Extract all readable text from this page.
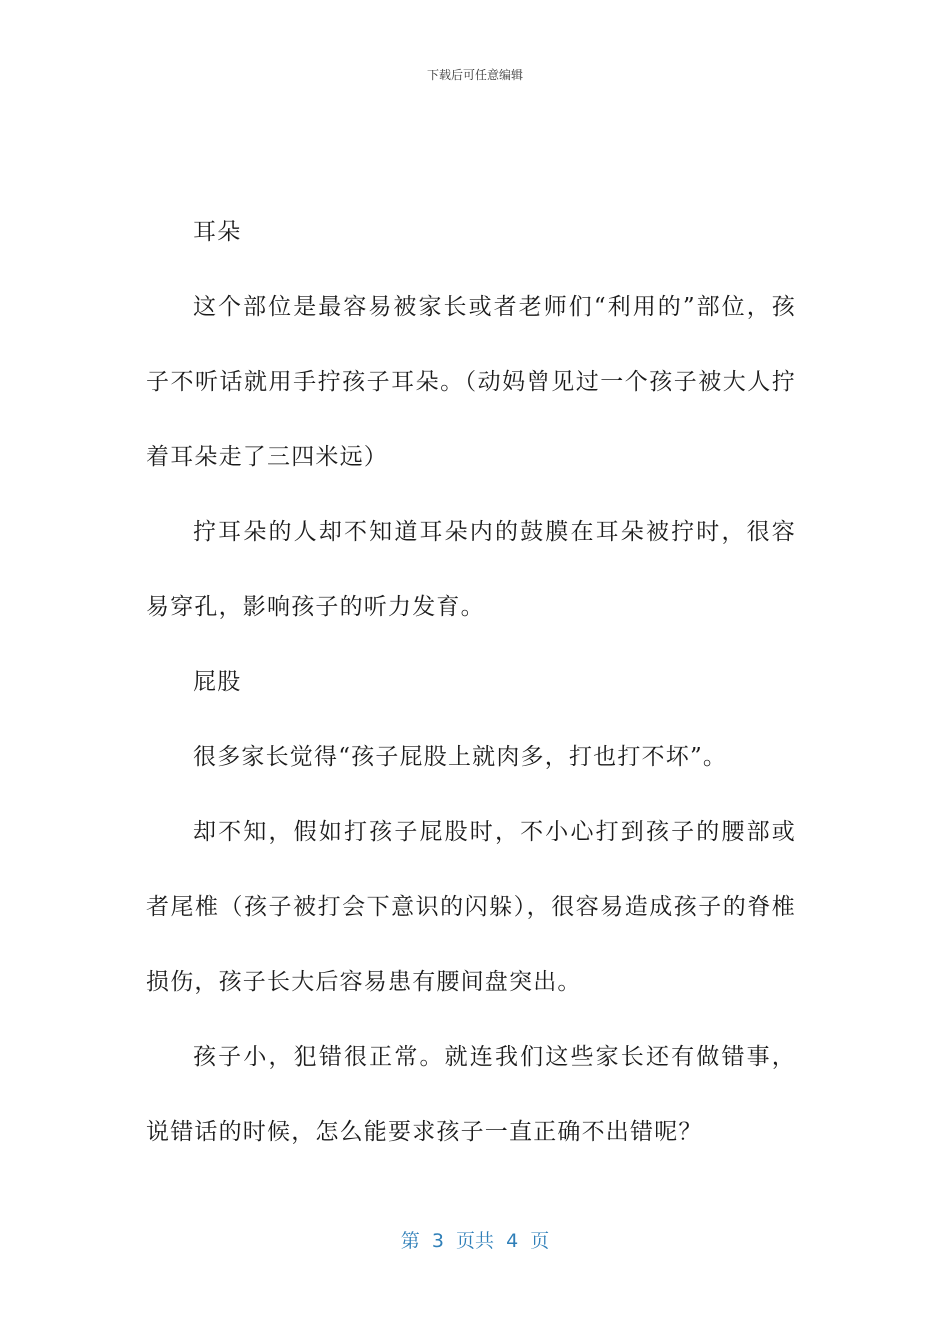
下载后可任意编辑

耳朵

这个部位是最容易被家长或者老师们“利用的”部位，孩子不听话就用手拧孩子耳朵。（动妈曾见过一个孩子被大人拧着耳朵走了三四米远）

拧耳朵的人却不知道耳朵内的鼓膜在耳朵被拧时，很容易穿孔，影响孩子的听力发育。

屁股

很多家长觉得“孩子屁股上就肉多，打也打不坏”。

却不知，假如打孩子屁股时，不小心打到孩子的腰部或者尾椎（孩子被打会下意识的闪躲），很容易造成孩子的脊椎损伤，孩子长大后容易患有腰间盘突出。

孩子小，犯错很正常。就连我们这些家长还有做错事，说错话的时候，怎么能要求孩子一直正确不出错呢？

第  3  页共  4  页
